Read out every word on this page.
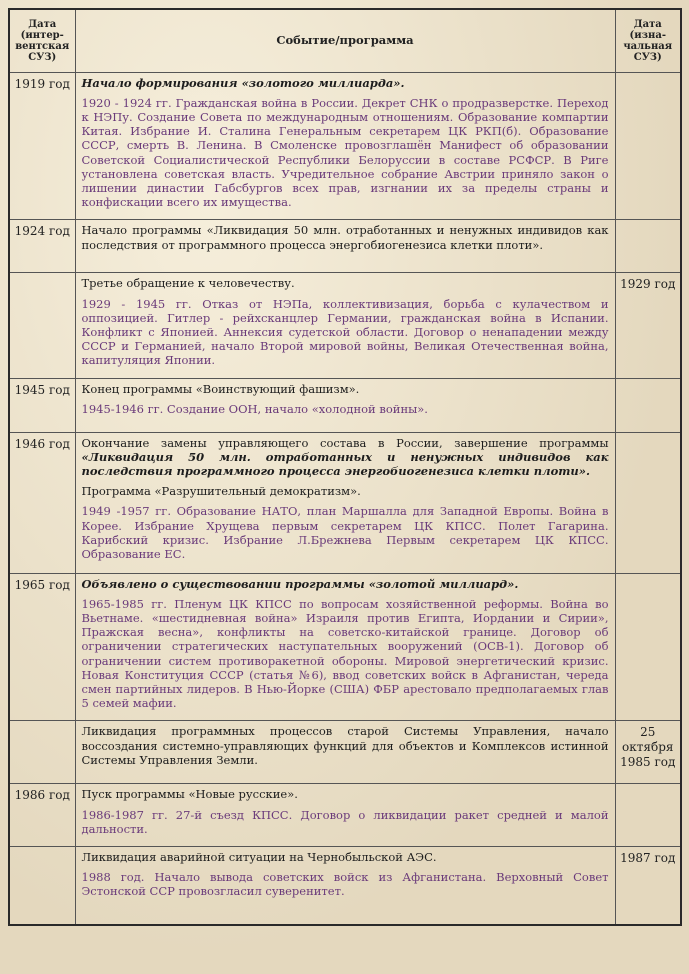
Дата (интер-вентская СУЗ)	Событие/программа	Дата (изна-чальная СУЗ)
1919 год	Начало формирования «золотого миллиарда».

1920 - 1924 гг. Гражданская война в России. Декрет СНК о продразверстке. Переход к НЭПу. Создание Совета по международным отношениям. Образование компартии Китая. Избрание И. Сталина Генеральным секретарем ЦК РКП(б). Образование СССР, смерть В. Ленина. В Смоленске провозглашён Манифест об образовании Советской Социалистической Республики Белоруссии в составе РСФСР. В Риге установлена советская власть. Учредительное собрание Австрии приняло закон о лишении династии Габсбургов всех прав, изгнании их за пределы страны и конфискации всего их имущества.	

1924 год	Начало программы «Ликвидация 50 млн. отработанных и ненужных индивидов как последствия от программного процесса энергобиогенезиса клетки плоти».	

	Третье обращение к человечеству.

1929 - 1945 гг. Отказ от НЭПа, коллективизация, борьба с кулачеством и оппозицией. Гитлер - рейхсканцлер Германии, гражданская война в Испании. Конфликт с Японией. Аннексия судетской области. Договор о ненападении между СССР и Германией, начало Второй мировой войны, Великая Отечественная война, капитуляция Японии.	1929 год
1945 год	Конец программы «Воинствующий фашизм».

1945-1946 гг. Создание ООН, начало «холодной войны».	

1946 год	Окончание замены управляющего состава в России, завершение программы «Ликвидация 50 млн. отработанных и ненужных индивидов как последствия программного процесса энергобиогенезиса клетки плоти».

Программа «Разрушительный демократизм».

1949 -1957 гг. Образование НАТО, план Маршалла для Западной Европы. Война в Корее. Избрание Хрущева первым секретарем ЦК КПСС. Полет Гагарина. Карибский кризис. Избрание Л.Брежнева Первым секретарем ЦК КПСС. Образование ЕС.	

1965 год	Объявлено о существовании программы «золотой миллиард».

1965-1985 гг. Пленум ЦК КПСС по вопросам хозяйственной реформы. Война во Вьетнаме. «шестидневная война» Израиля против Египта, Иордании и Сирии», Пражская весна», конфликты на советско-китайской границе. Договор об ограничении стратегических наступательных вооружений (ОСВ-1). Договор об ограничении систем противоракетной обороны. Мировой энергетический кризис. Новая Конституция СССР (статья №6), ввод советских войск в Афганистан, череда смен партийных лидеров. В Нью-Йорке (США) ФБР арестовало предполагаемых глав 5 семей мафии.	

	Ликвидация программных процессов старой Системы Управления, начало воссоздания системно-управляющих функций для объектов и Комплексов истинной Системы Управления Земли.	25 октября 1985 год
1986 год	Пуск программы «Новые русские».

1986-1987 гг. 27-й съезд КПСС. Договор о ликвидации ракет средней и малой дальности.	

	Ликвидация аварийной ситуации на Чернобыльской АЭС.

1988 год. Начало вывода советских войск из Афганистана. Верховный Совет Эстонской ССР провозгласил суверенитет.	1987 год
